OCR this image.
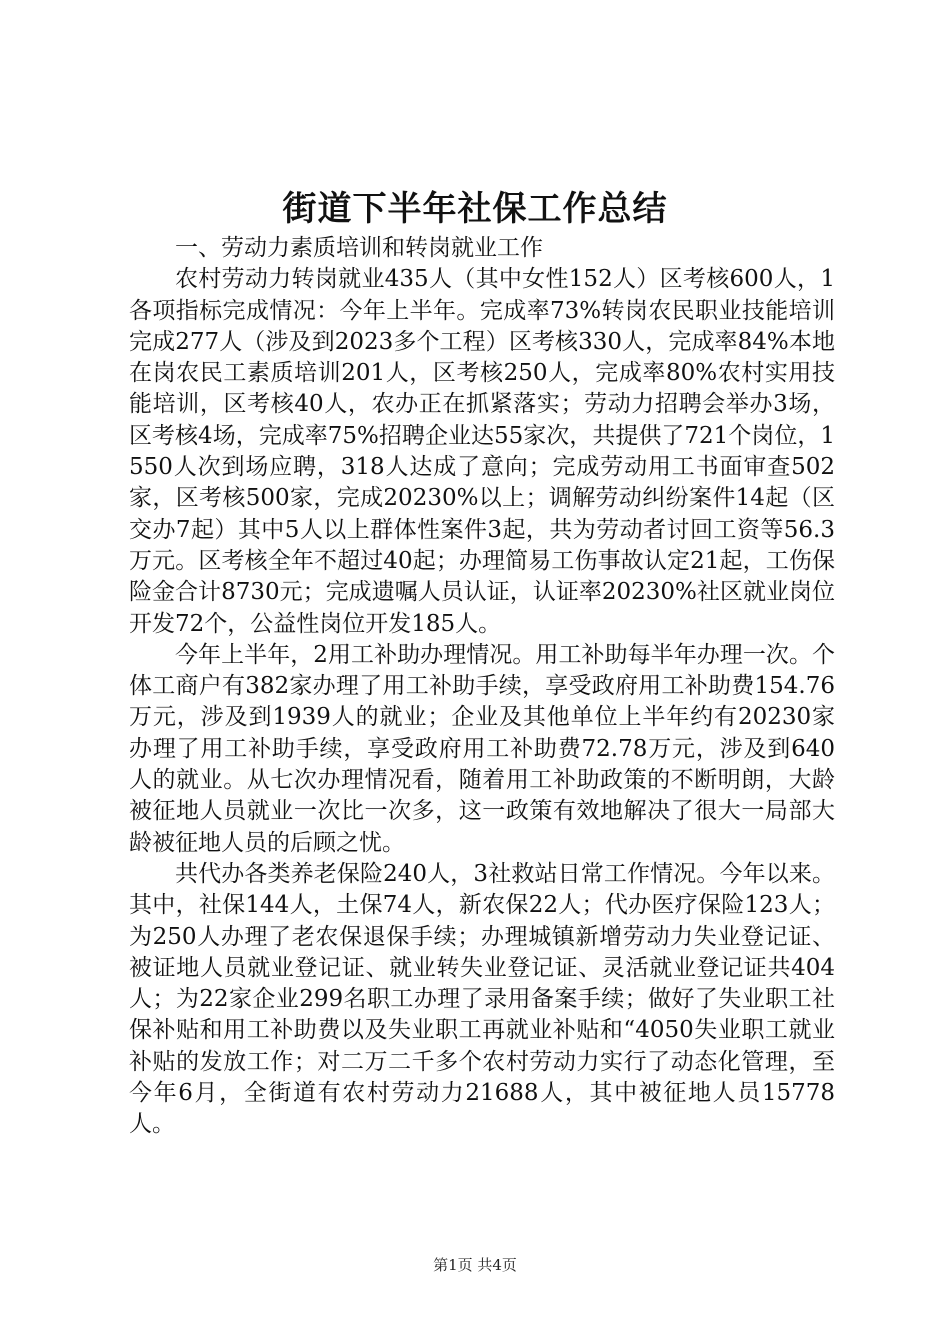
街道下半年社保工作总结

一、劳动力素质培训和转岗就业工作

农村劳动力转岗就业435人（其中女性152人）区考核600人，1各项指标完成情况：今年上半年。完成率73%转岗农民职业技能培训完成277人（涉及到2023多个工程）区考核330人，完成率84%本地在岗农民工素质培训201人，区考核250人，完成率80%农村实用技能培训，区考核40人，农办正在抓紧落实；劳动力招聘会举办3场，区考核4场，完成率75%招聘企业达55家次，共提供了721个岗位，1550人次到场应聘，318人达成了意向；完成劳动用工书面审查502家，区考核500家，完成20230%以上；调解劳动纠纷案件14起（区交办7起）其中5人以上群体性案件3起，共为劳动者讨回工资等56.3万元。区考核全年不超过40起；办理简易工伤事故认定21起，工伤保险金合计8730元；完成遗嘱人员认证，认证率20230%社区就业岗位开发72个，公益性岗位开发185人。

今年上半年，2用工补助办理情况。用工补助每半年办理一次。个体工商户有382家办理了用工补助手续，享受政府用工补助费154.76万元，涉及到1939人的就业；企业及其他单位上半年约有20230家办理了用工补助手续，享受政府用工补助费72.78万元，涉及到640人的就业。从七次办理情况看，随着用工补助政策的不断明朗，大龄被征地人员就业一次比一次多，这一政策有效地解决了很大一局部大龄被征地人员的后顾之忧。

共代办各类养老保险240人，3社救站日常工作情况。今年以来。其中，社保144人，土保74人，新农保22人；代办医疗保险123人；为250人办理了老农保退保手续；办理城镇新增劳动力失业登记证、被证地人员就业登记证、就业转失业登记证、灵活就业登记证共404人；为22家企业299名职工办理了录用备案手续；做好了失业职工社保补贴和用工补助费以及失业职工再就业补贴和“4050失业职工就业补贴的发放工作；对二万二千多个农村劳动力实行了动态化管理，至今年6月，全街道有农村劳动力21688人，其中被征地人员15778人。

第1页 共4页
